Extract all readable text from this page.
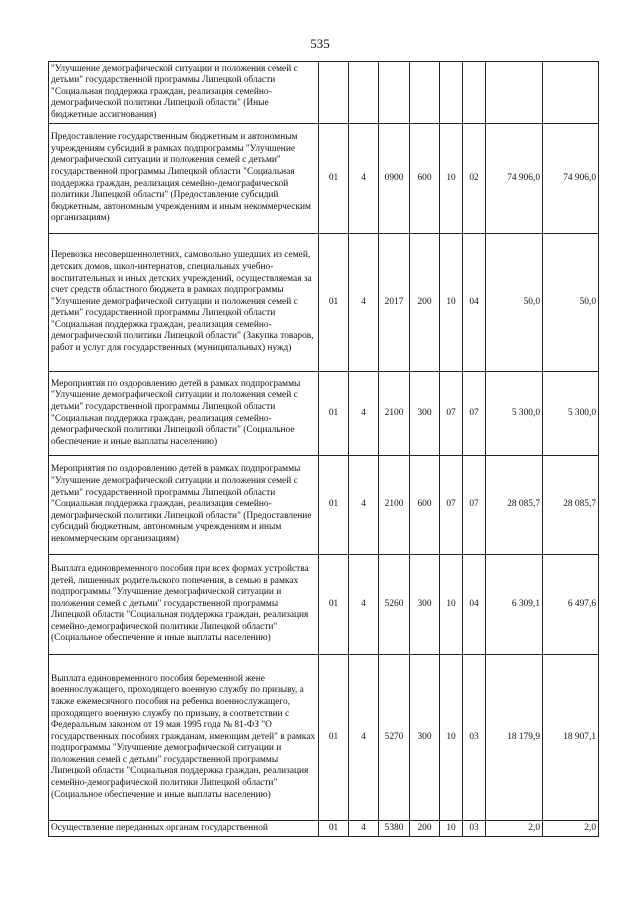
535
"Улучшение демографической ситуации и положения семей с детьми" государственной программы Липецкой области "Социальная поддержка граждан, реализация семейно-демографической политики Липецкой области" (Иные бюджетные ассигнования)								
Предоставление государственным бюджетным и автономным учреждениям субсидий в рамках подпрограммы "Улучшение демографической ситуации и положения семей с детьми" государственной программы Липецкой области "Социальная поддержка граждан, реализация семейно-демографической политики Липецкой области" (Предоставление субсидий бюджетным, автономным учреждениям и иным некоммерческим организациям)	01	4	0900	600	10	02	74 906,0	74 906,0
Перевозка несовершеннолетних, самовольно ушедших из семей, детских домов, школ-интернатов, специальных учебно-воспитательных и иных детских учреждений, осуществляемая за счет средств областного бюджета в рамках подпрограммы "Улучшение демографической ситуации и положения семей с детьми" государственной программы Липецкой области "Социальная поддержка граждан, реализация семейно-демографической политики Липецкой области" (Закупка товаров, работ и услуг для государственных (муниципальных) нужд)	01	4	2017	200	10	04	50,0	50,0
Мероприятия по оздоровлению детей в рамках подпрограммы "Улучшение демографической ситуации и положения семей с детьми" государственной программы Липецкой области "Социальная поддержка граждан, реализация семейно-демографической политики Липецкой области" (Социальное обеспечение и иные выплаты населению)	01	4	2100	300	07	07	5 300,0	5 300,0
Мероприятия по оздоровлению детей в рамках подпрограммы "Улучшение демографической ситуации и положения семей с детьми" государственной программы Липецкой области "Социальная поддержка граждан, реализация семейно-демографической политики Липецкой области" (Предоставление субсидий бюджетным, автономным учреждениям и иным некоммерческим организациям)	01	4	2100	600	07	07	28 085,7	28 085,7
Выплата единовременного пособия при всех формах устройства детей, лишенных родительского попечения, в семью в рамках подпрограммы "Улучшение демографической ситуации и положения семей с детьми" государственной программы Липецкой области "Социальная поддержка граждан, реализация семейно-демографической политики Липецкой области" (Социальное обеспечение и иные выплаты населению)	01	4	5260	300	10	04	6 309,1	6 497,6
Выплата единовременного пособия беременной жене военнослужащего, проходящего военную службу по призыву, а также ежемесячного пособия на ребенка военнослужащего, проходящего военную службу по призыву, в соответствии с Федеральным законом от 19 мая 1995 года № 81-ФЗ "О государственных пособиях гражданам, имеющим детей" в рамках подпрограммы "Улучшение демографической ситуации и положения семей с детьми" государственной программы Липецкой области "Социальная поддержка граждан, реализация семейно-демографической политики Липецкой области" (Социальное обеспечение и иные выплаты населению)	01	4	5270	300	10	03	18 179,9	18 907,1
Осуществление переданных органам государственной	01	4	5380	200	10	03	2,0	2,0
